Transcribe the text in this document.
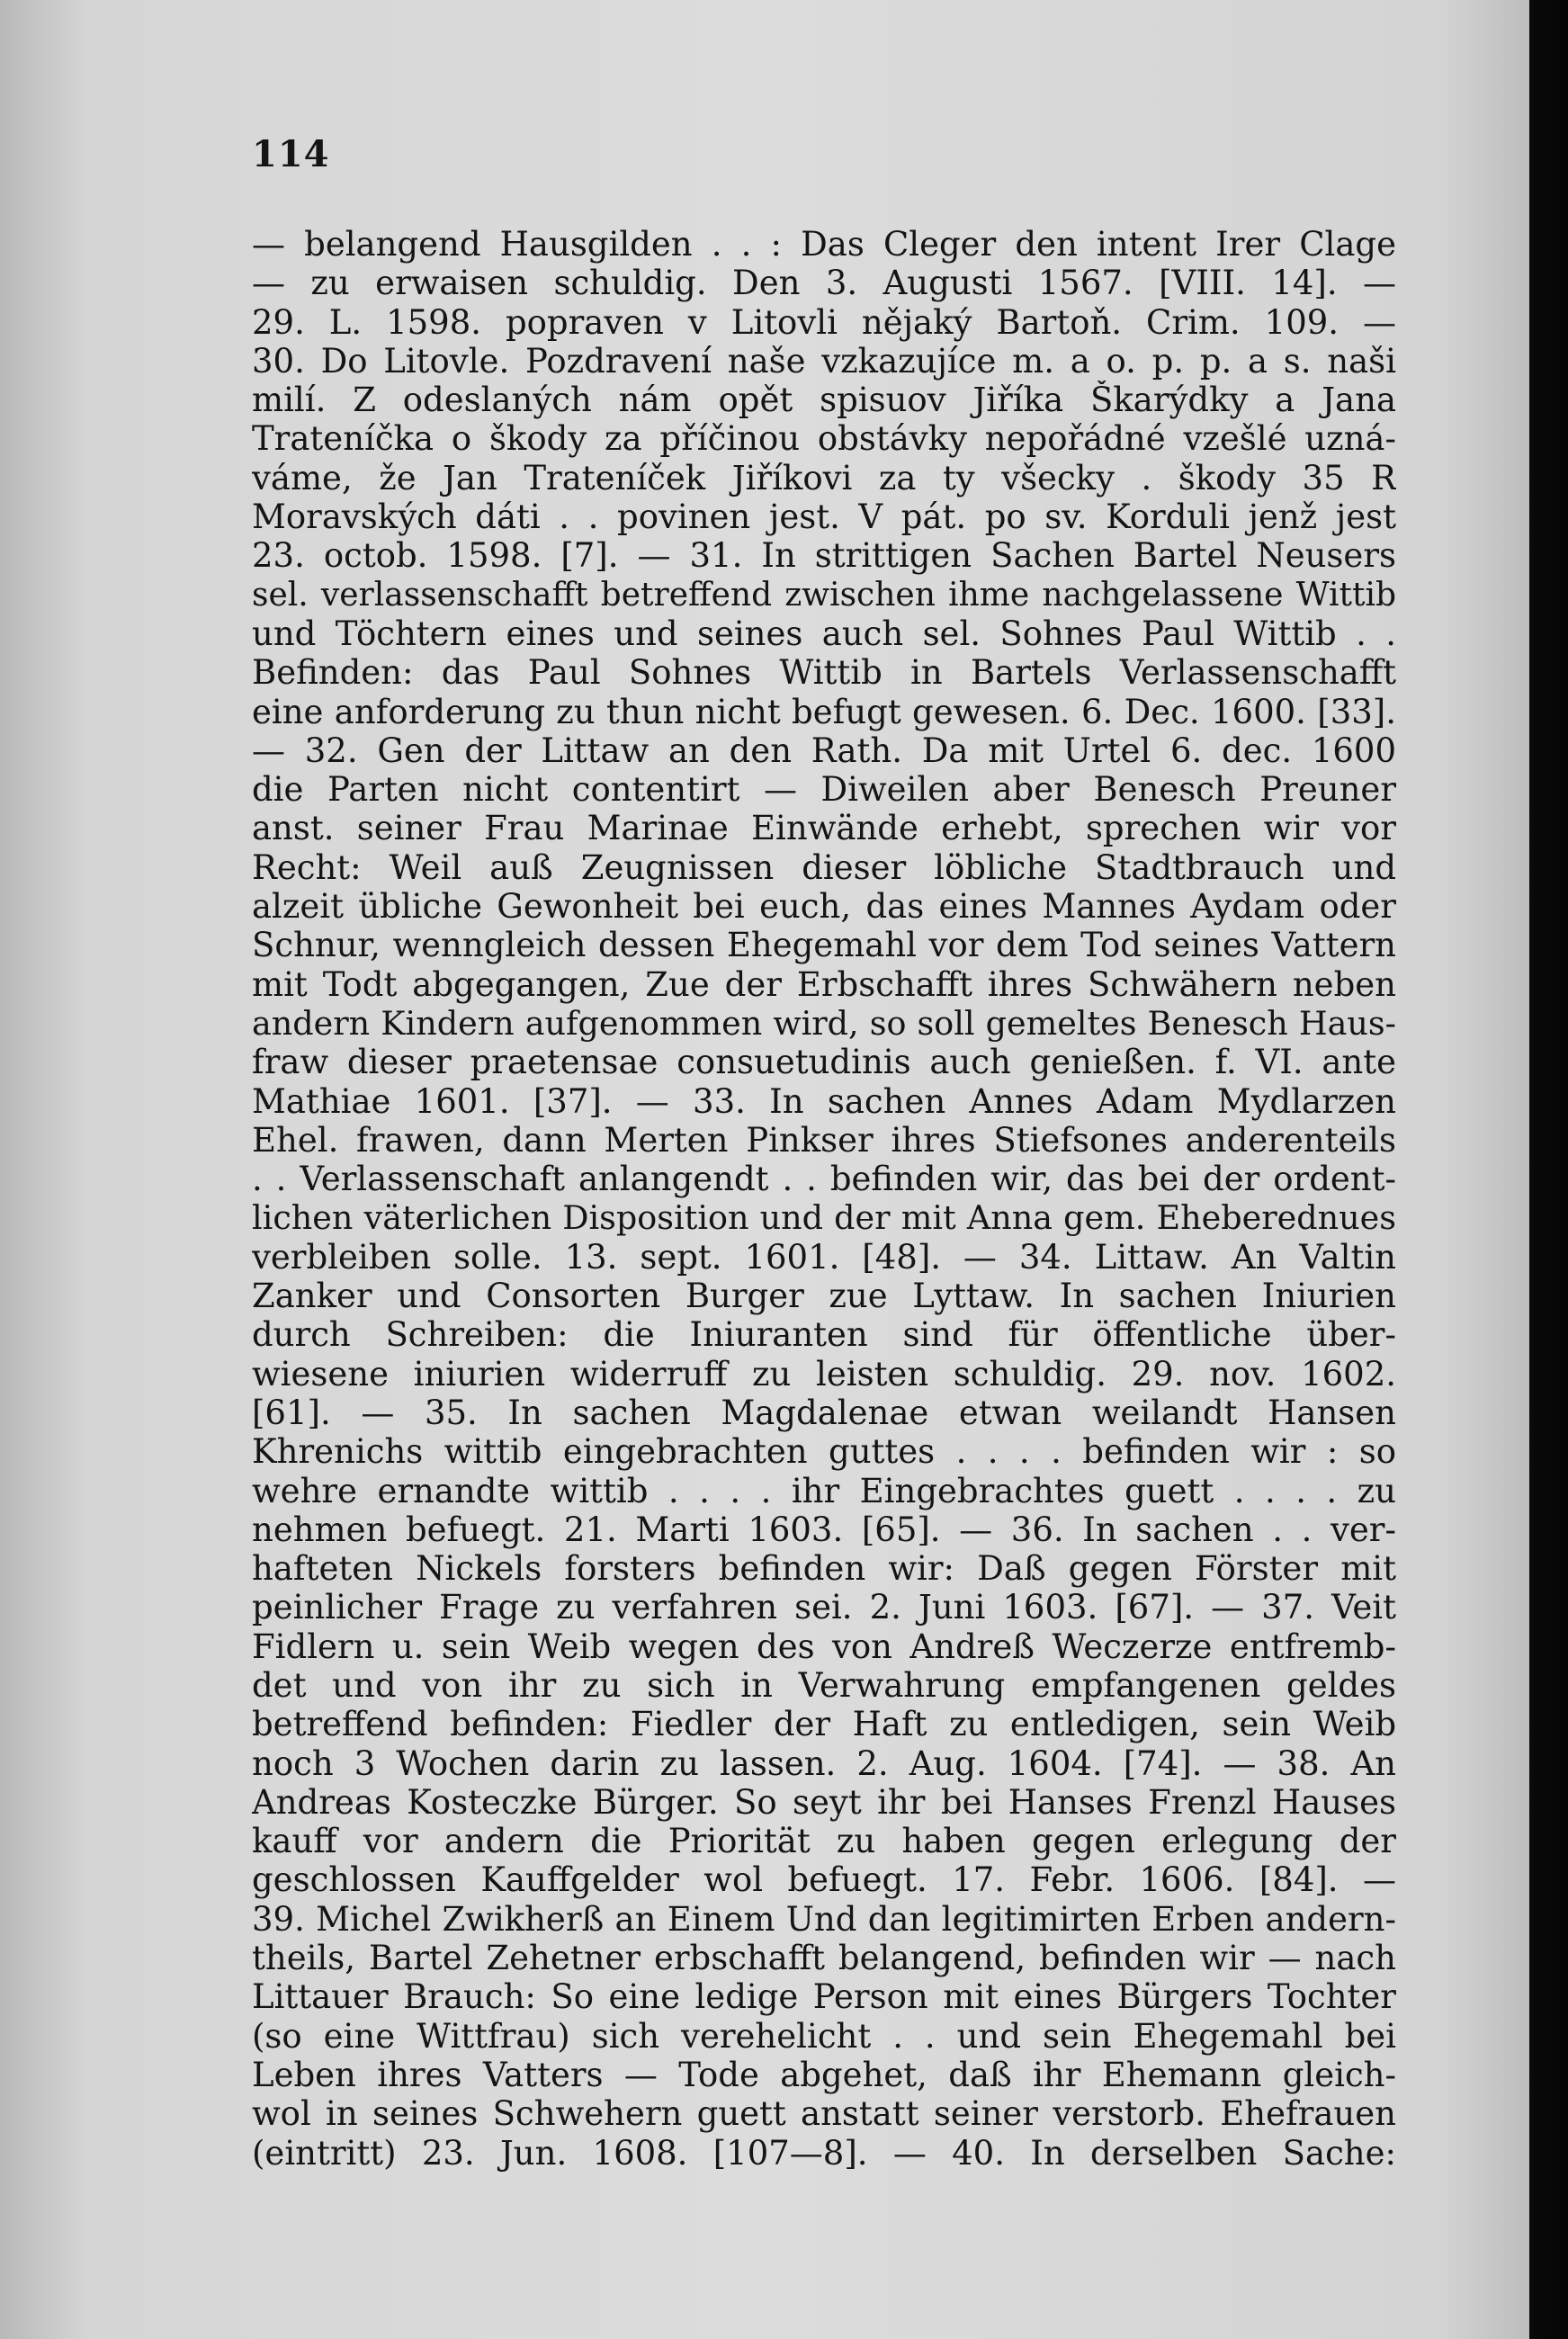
114
— belangend Hausgilden . . : Das Cleger den intent Irer Clage
— zu erwaisen schuldig. Den 3. Augusti 1567. [VIII. 14]. —
29. L. 1598. popraven v Litovli nějaký Bartoň. Crim. 109. —
30. Do Litovle. Pozdravení naše vzkazujíce m. a o. p. p. a s. naši
milí. Z odeslaných nám opět spisuov Jiříka Škarýdky a Jana
Trateníčka o škody za příčinou obstávky nepořádné vzešlé uzná-
váme, že Jan Trateníček Jiříkovi za ty všecky . škody 35 R
Moravských dáti . . povinen jest. V pát. po sv. Korduli jenž jest
23. octob. 1598. [7]. — 31. In strittigen Sachen Bartel Neusers
sel. verlassenschafft betreffend zwischen ihme nachgelassene Wittib
und Töchtern eines und seines auch sel. Sohnes Paul Wittib . .
Befinden: das Paul Sohnes Wittib in Bartels Verlassenschafft
eine anforderung zu thun nicht befugt gewesen. 6. Dec. 1600. [33].
— 32. Gen der Littaw an den Rath. Da mit Urtel 6. dec. 1600
die Parten nicht contentirt — Diweilen aber Benesch Preuner
anst. seiner Frau Marinae Einwände erhebt, sprechen wir vor
Recht: Weil auß Zeugnissen dieser löbliche Stadtbrauch und
alzeit übliche Gewonheit bei euch, das eines Mannes Aydam oder
Schnur, wenngleich dessen Ehegemahl vor dem Tod seines Vattern
mit Todt abgegangen, Zue der Erbschafft ihres Schwähern neben
andern Kindern aufgenommen wird, so soll gemeltes Benesch Haus-
fraw dieser praetensae consuetudinis auch genießen. f. VI. ante
Mathiae 1601. [37]. — 33. In sachen Annes Adam Mydlarzen
Ehel. frawen, dann Merten Pinkser ihres Stiefsones anderenteils
. . Verlassenschaft anlangendt . . befinden wir, das bei der ordent-
lichen väterlichen Disposition und der mit Anna gem. Eheberednues
verbleiben solle. 13. sept. 1601. [48]. — 34. Littaw. An Valtin
Zanker und Consorten Burger zue Lyttaw. In sachen Iniurien
durch Schreiben: die Iniuranten sind für öffentliche über-
wiesene iniurien widerruff zu leisten schuldig. 29. nov. 1602.
[61]. — 35. In sachen Magdalenae etwan weilandt Hansen
Khrenichs wittib eingebrachten guttes . . . . befinden wir : so
wehre ernandte wittib . . . . ihr Eingebrachtes guett . . . . zu
nehmen befuegt. 21. Marti 1603. [65]. — 36. In sachen . . ver-
hafteten Nickels forsters befinden wir: Daß gegen Förster mit
peinlicher Frage zu verfahren sei. 2. Juni 1603. [67]. — 37. Veit
Fidlern u. sein Weib wegen des von Andreß Weczerze entfremb-
det und von ihr zu sich in Verwahrung empfangenen geldes
betreffend befinden: Fiedler der Haft zu entledigen, sein Weib
noch 3 Wochen darin zu lassen. 2. Aug. 1604. [74]. — 38. An
Andreas Kosteczke Bürger. So seyt ihr bei Hanses Frenzl Hauses
kauff vor andern die Priorität zu haben gegen erlegung der
geschlossen Kauffgelder wol befuegt. 17. Febr. 1606. [84]. —
39. Michel Zwikherß an Einem Und dan legitimirten Erben andern-
theils, Bartel Zehetner erbschafft belangend, befinden wir — nach
Littauer Brauch: So eine ledige Person mit eines Bürgers Tochter
(so eine Wittfrau) sich verehelicht . . und sein Ehegemahl bei
Leben ihres Vatters — Tode abgehet, daß ihr Ehemann gleich-
wol in seines Schwehern guett anstatt seiner verstorb. Ehefrauen
(eintritt) 23. Jun. 1608. [107—8]. — 40. In derselben Sache:
